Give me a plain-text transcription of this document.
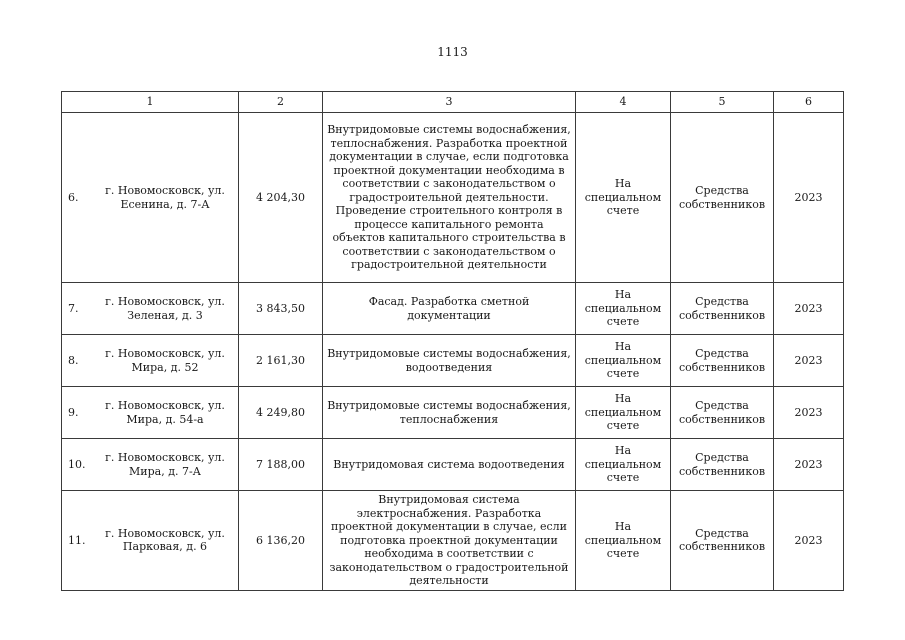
1113
1	2	3	4	5	6

6.
г. Новомосковск, ул. Есенина, д. 7-А	4 204,30	Внутридомовые системы водоснабжения, теплоснабжения. Разработка проектной документации в случае, если подготовка проектной документации необходима в соответствии с законодательством о градостроительной деятельности. Проведение строительного контроля в процессе капитального ремонта объектов капитального строительства в соответствии с законодательством о градостроительной деятельности	На специальном счете	Средства собственников	2023

7.
г. Новомосковск, ул. Зеленая, д. 3	3 843,50	Фасад. Разработка сметной документации	На специальном счете	Средства собственников	2023

8.
г. Новомосковск, ул. Мира, д. 52	2 161,30	Внутридомовые системы водоснабжения, водоотведения	На специальном счете	Средства собственников	2023

9.
г. Новомосковск, ул. Мира, д. 54-а	4 249,80	Внутридомовые системы водоснабжения, теплоснабжения	На специальном счете	Средства собственников	2023

10.
г. Новомосковск, ул. Мира, д. 7-А	7 188,00	Внутридомовая система водоотведения	На специальном счете	Средства собственников	2023

11.
г. Новомосковск, ул. Парковая, д. 6	6 136,20	Внутридомовая система электроснабжения. Разработка проектной документации в случае, если подготовка проектной документации необходима в соответствии с законодательством о градостроительной деятельности	На специальном счете	Средства собственников	2023
